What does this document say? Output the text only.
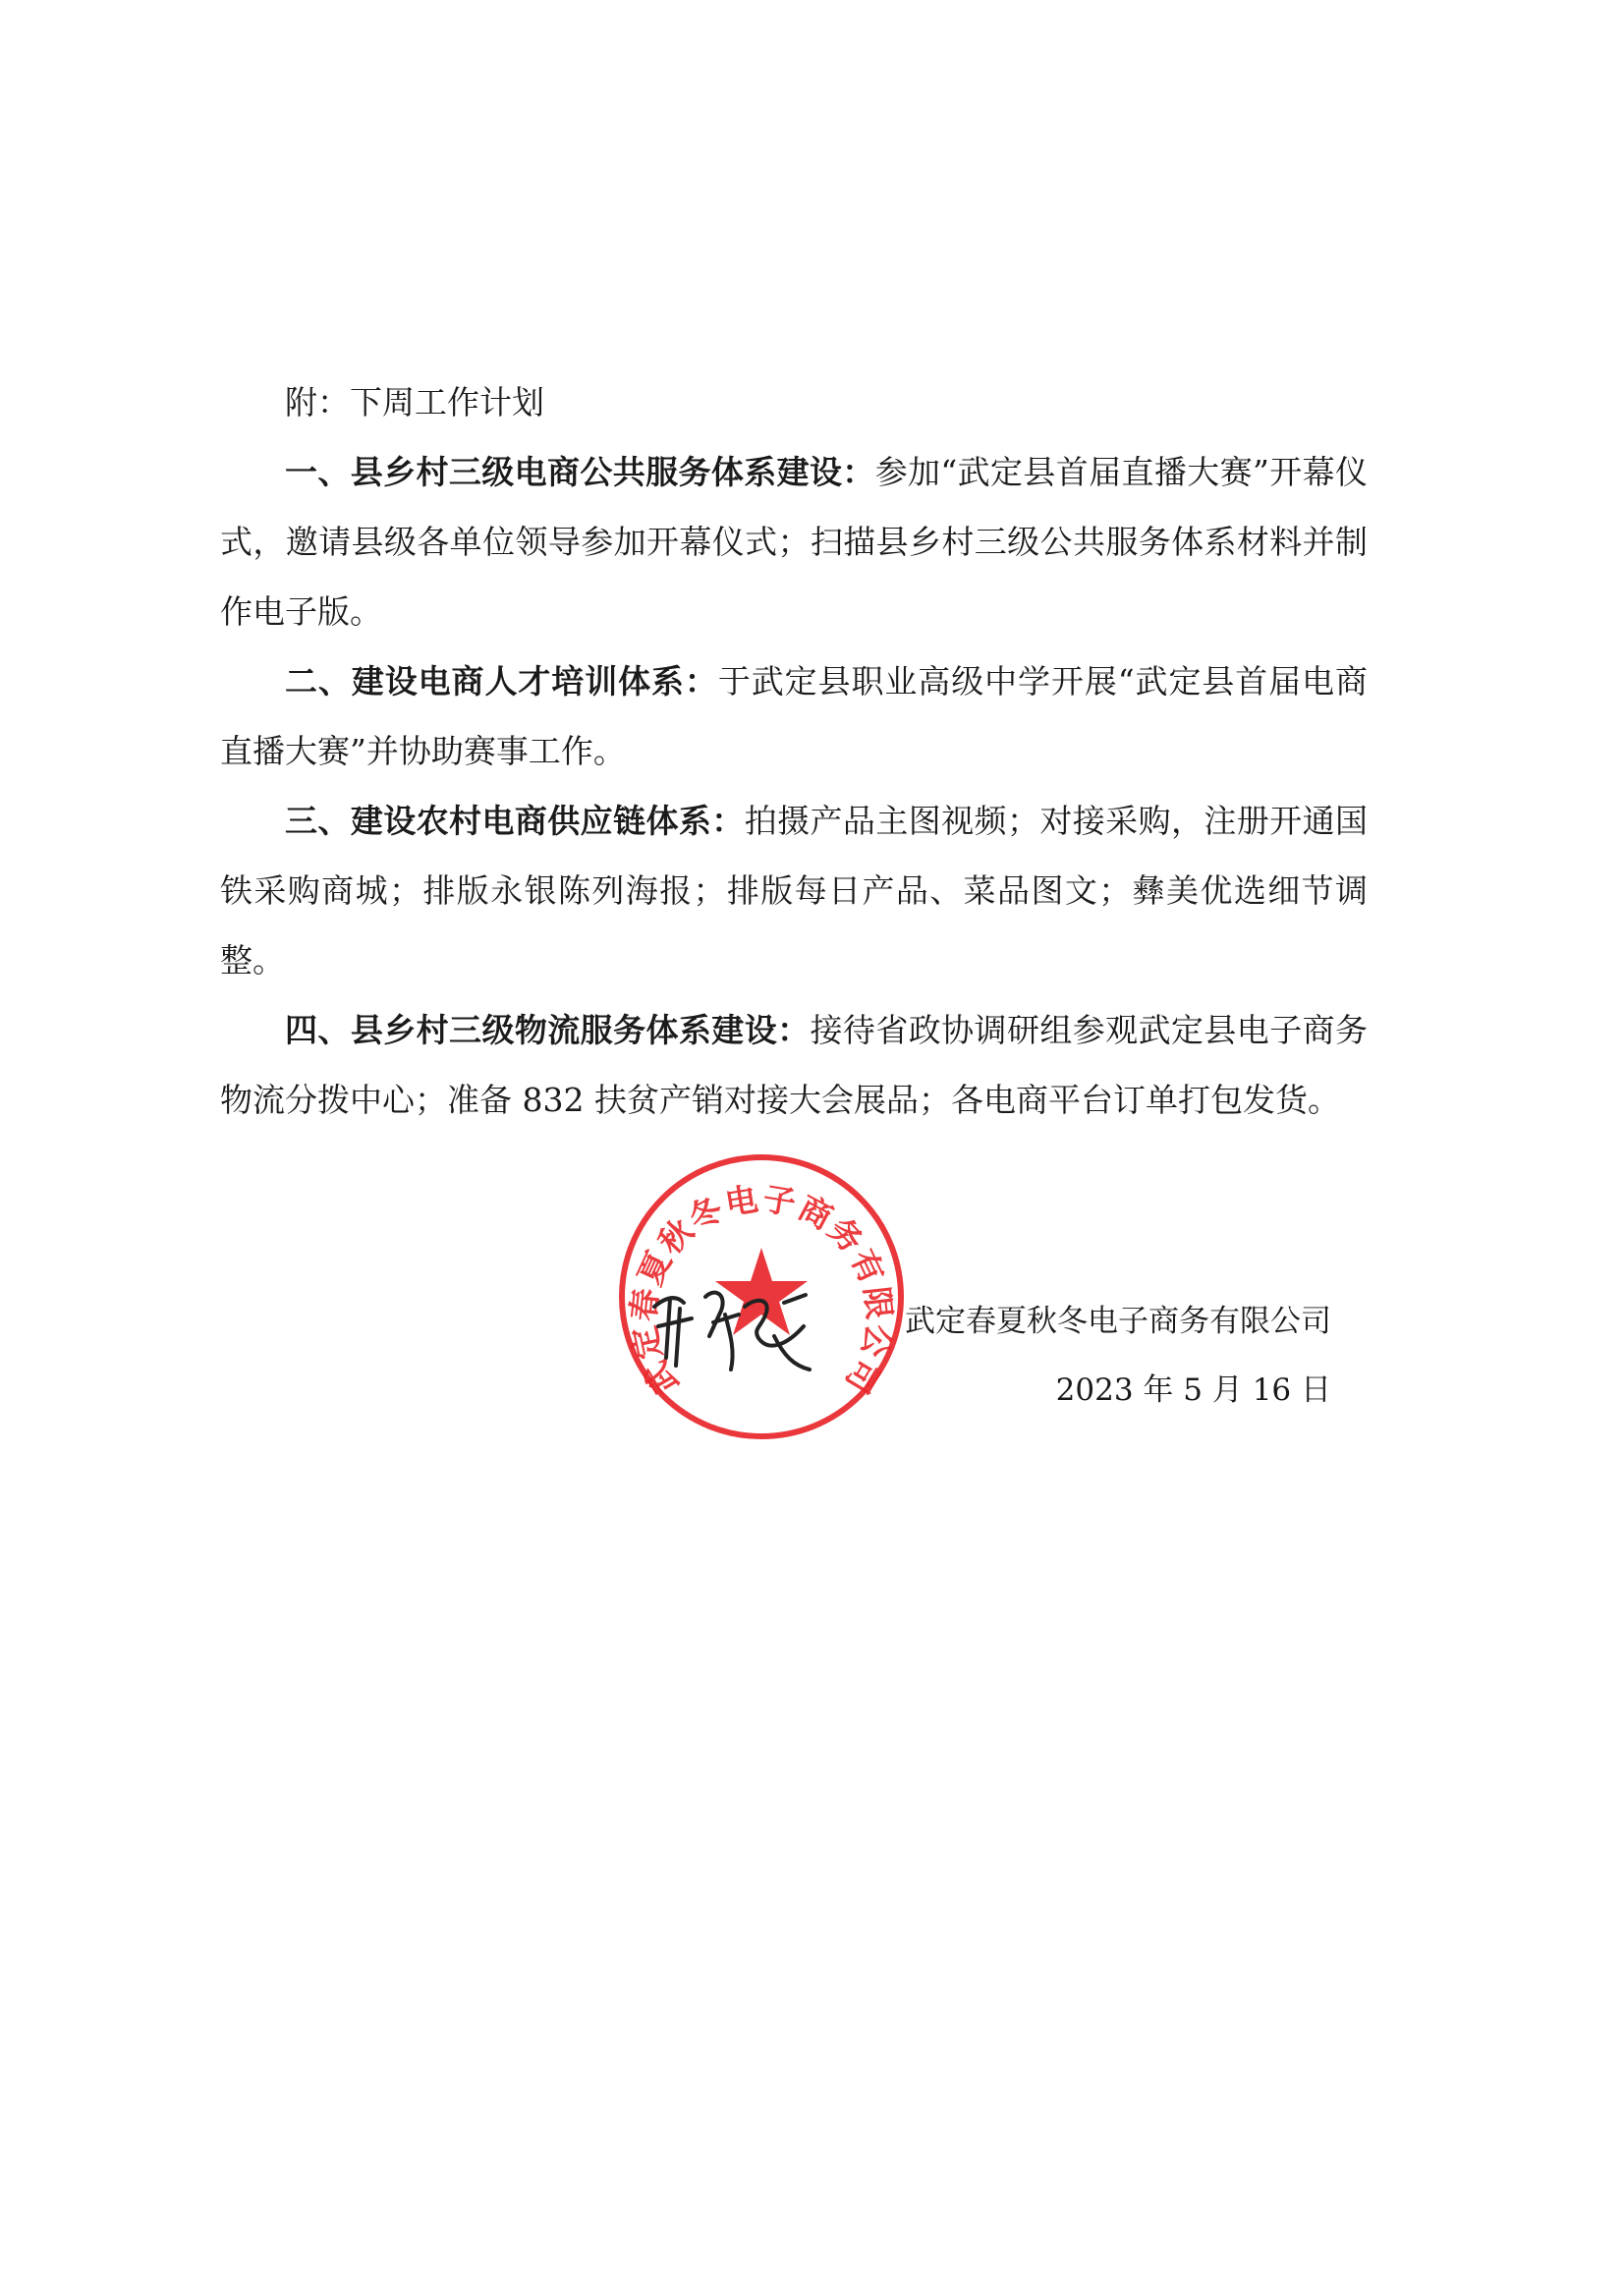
附：下周工作计划

一、县乡村三级电商公共服务体系建设：参加“武定县首届直播大赛”开幕仪式，邀请县级各单位领导参加开幕仪式；扫描县乡村三级公共服务体系材料并制作电子版。

二、建设电商人才培训体系：于武定县职业高级中学开展“武定县首届电商直播大赛”并协助赛事工作。

三、建设农村电商供应链体系：拍摄产品主图视频；对接采购，注册开通国铁采购商城；排版永银陈列海报；排版每日产品、菜品图文；彝美优选细节调整。

四、县乡村三级物流服务体系建设：接待省政协调研组参观武定县电子商务物流分拨中心；准备 832 扶贫产销对接大会展品；各电商平台订单打包发货。

武定春夏秋冬电子商务有限公司
2023 年 5 月 16 日
武定春夏秋冬电子商务有限公司
